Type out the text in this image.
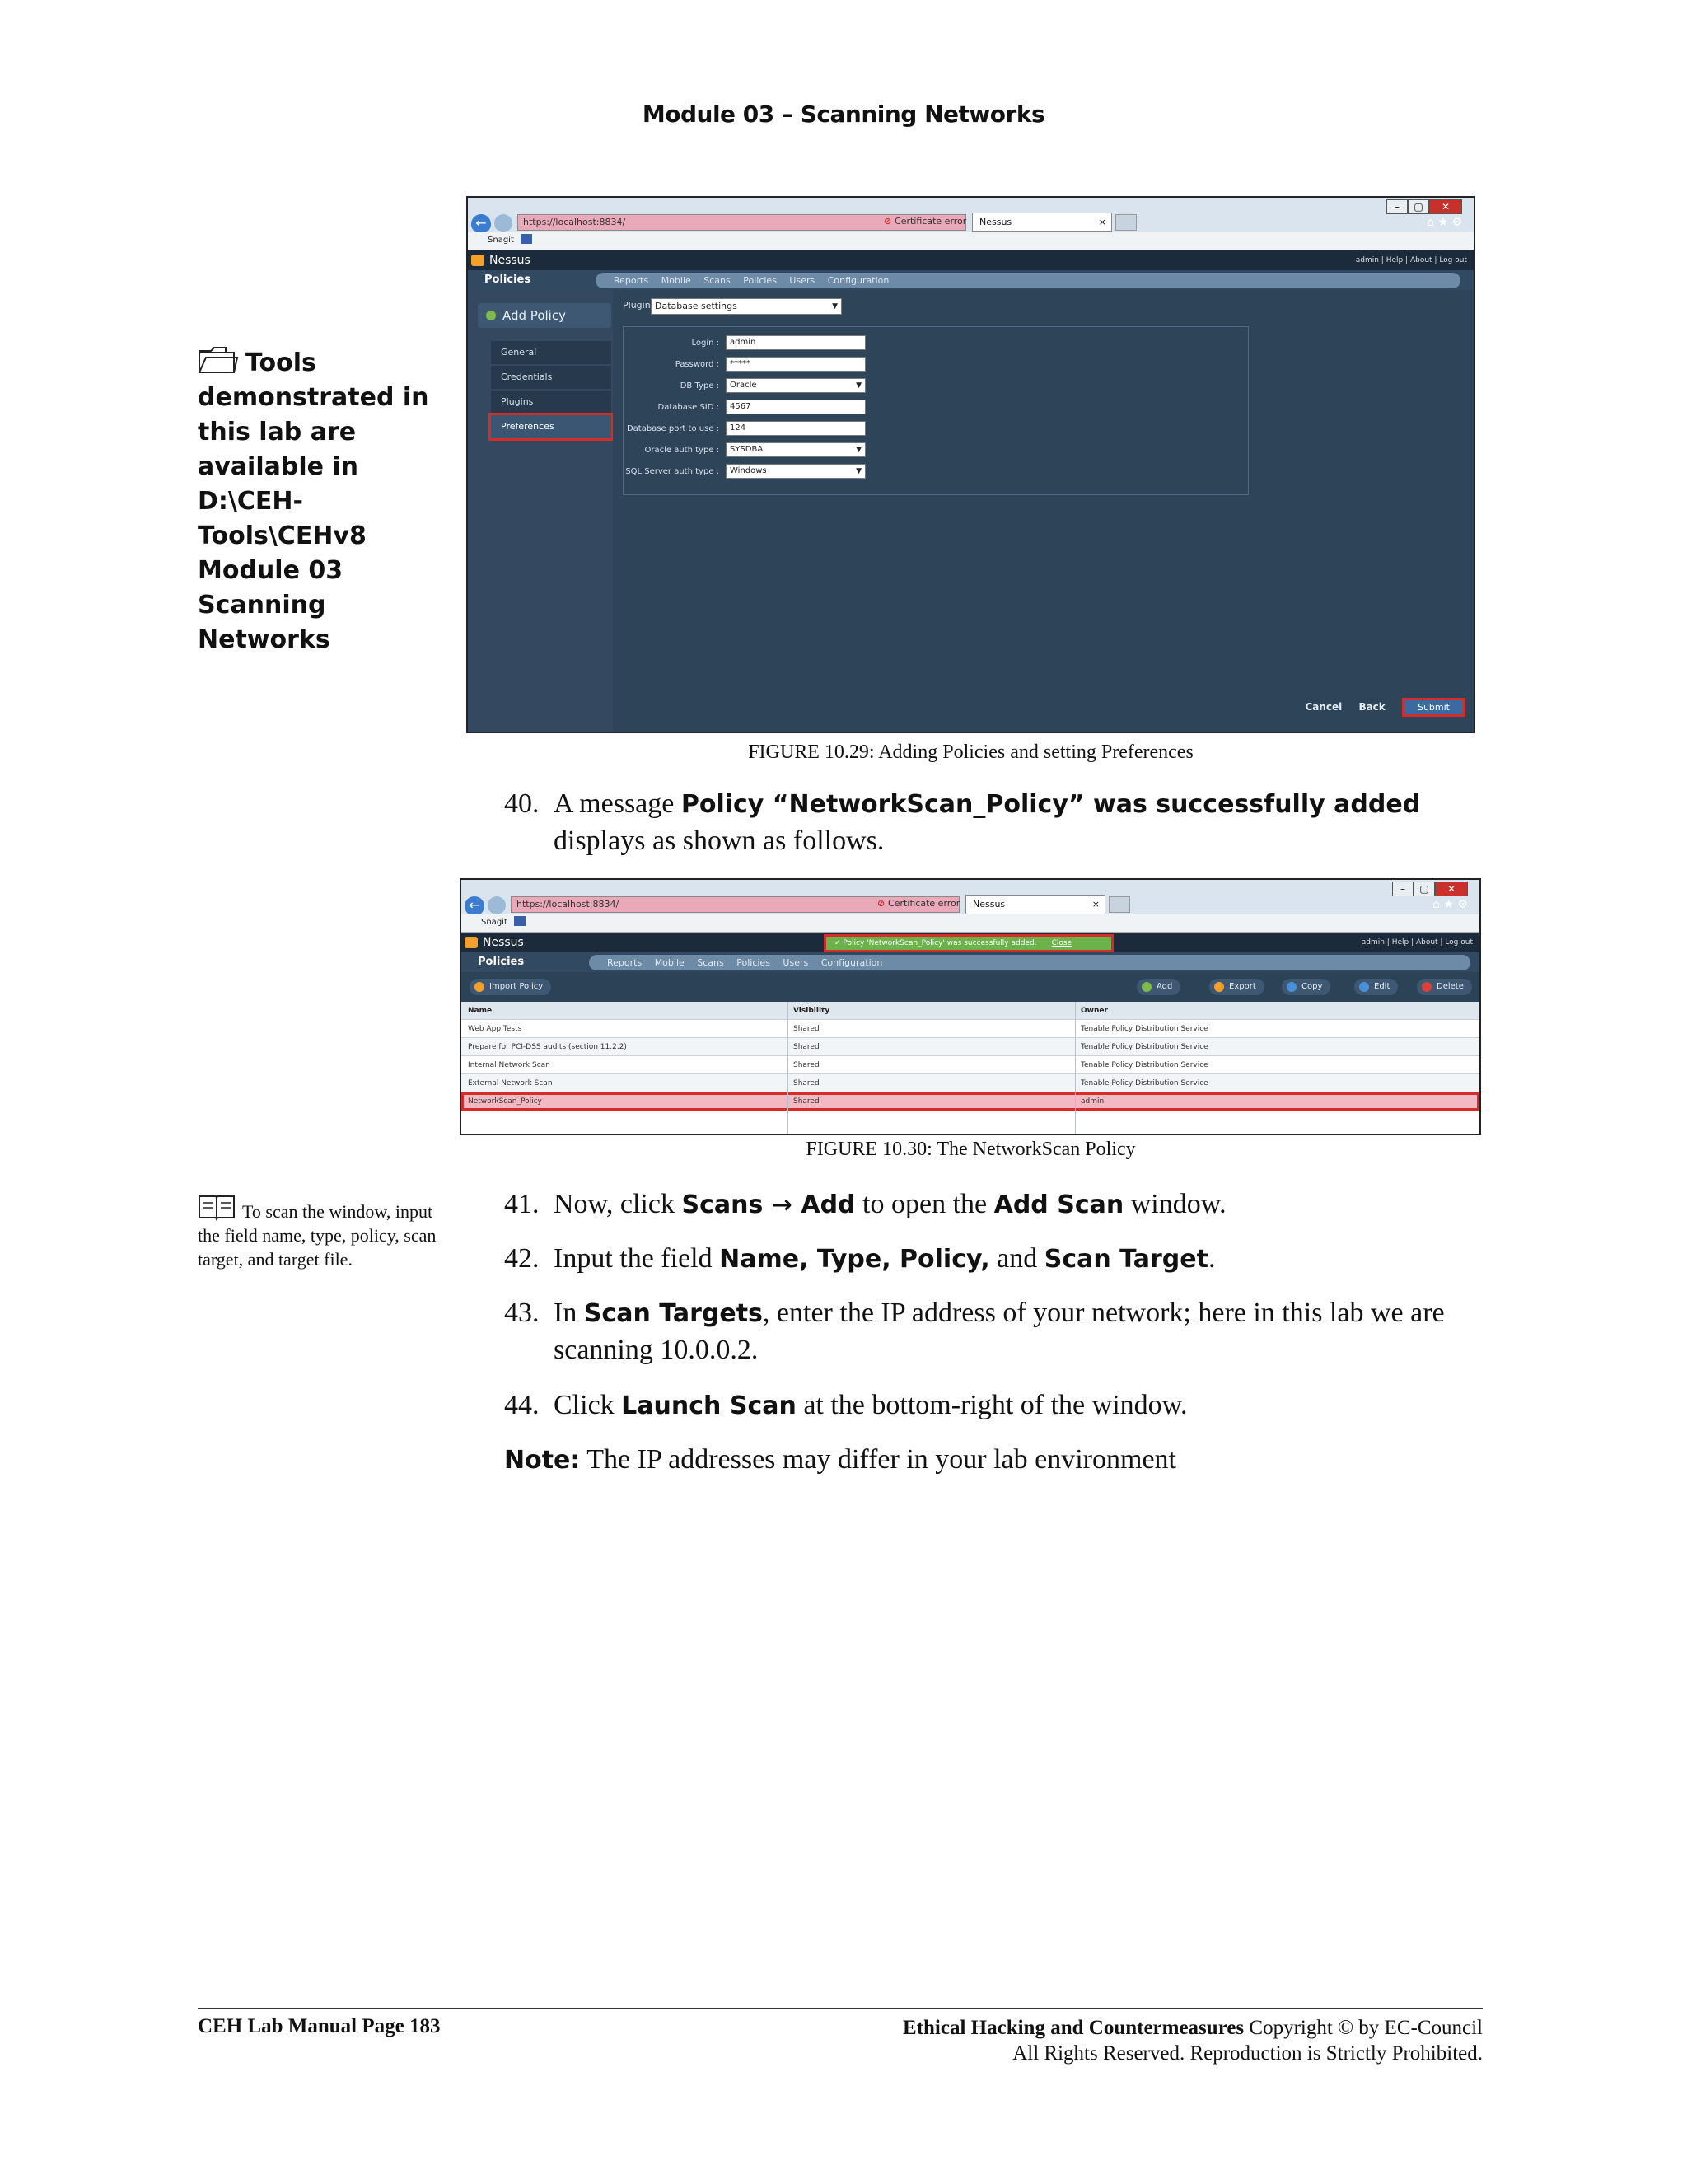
Module 03 – Scanning Networks
Tools demonstrated in this lab are available in D:\CEH-Tools\CEHv8 Module 03 Scanning Networks
To scan the window, input the field name, type, policy, scan target, and target file.
–	▢	✕
←	https://localhost:8834/	⊘ Certificate error	Nessus	×	⌂ ★ ⚙
Snagit
Nessus	admin | Help | About | Log out
Policies	Reports Mobile Scans Policies Users Configuration
Add Policy
General
Credentials
Plugins
Preferences
Plugin Database settings ▼
Login :	admin
Password :	*****
DB Type :	Oracle ▼
Database SID :	4567
Database port to use :	124
Oracle auth type :	SYSDBA ▼
SQL Server auth type :	Windows ▼
Cancel Back	Submit
FIGURE 10.29: Adding Policies and setting Preferences
40. A message Policy “NetworkScan_Policy” was successfully added displays as shown as follows.
–	▢	✕
←	https://localhost:8834/	⊘ Certificate error	Nessus	×	⌂ ★ ⚙
Snagit
Nessus	admin | Help | About | Log out
✓ Policy 'NetworkScan_Policy' was successfully added. Close
Policies	Reports Mobile Scans Policies Users Configuration
Import Policy	Add	Export	Copy	Edit	Delete
Name	Visibility	Owner
Web App Tests	Shared	Tenable Policy Distribution Service
Prepare for PCI-DSS audits (section 11.2.2)	Shared	Tenable Policy Distribution Service
Internal Network Scan	Shared	Tenable Policy Distribution Service
External Network Scan	Shared	Tenable Policy Distribution Service
NetworkScan_Policy	Shared	admin
FIGURE 10.30: The NetworkScan Policy
41. Now, click Scans → Add to open the Add Scan window.
42. Input the field Name, Type, Policy, and Scan Target.
43. In Scan Targets, enter the IP address of your network; here in this lab we are scanning 10.0.0.2.
44. Click Launch Scan at the bottom-right of the window.
Note: The IP addresses may differ in your lab environment
CEH Lab Manual Page 183	Ethical Hacking and Countermeasures Copyright © by EC-Council
All Rights Reserved. Reproduction is Strictly Prohibited.
